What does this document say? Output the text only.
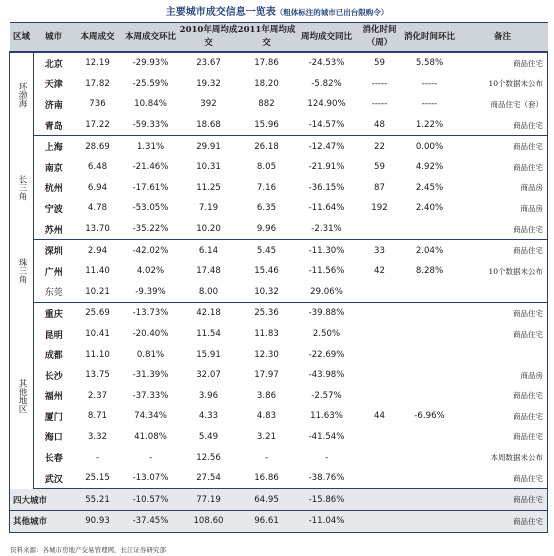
主要城市成交信息一览表（粗体标注的城市已出台限购令）
区域	城市	本周成交	本周成交环比	2010年周均成交	2011年周均成交	周均成交同比	消化时间（周）	消化时间环比	备注
环渤海	北京	12.19	-29.93%	23.67	17.86	-24.53%	59	5.58%	商品住宅
	天津	17.82	-25.59%	19.32	18.20	-5.82%	-----	-----	10个数据未公布
	济南	736	10.84%	392	882	124.90%	-----	-----	商品住宅（套）
	青岛	17.22	-59.33%	18.68	15.96	-14.57%	48	1.22%	商品住宅
长三角	上海	28.69	1.31%	29.91	26.18	-12.47%	22	0.00%	商品住宅
	南京	6.48	-21.46%	10.31	8.05	-21.91%	59	4.92%	商品住宅
	杭州	6.94	-17.61%	11.25	7.16	-36.15%	87	2.45%	商品房
	宁波	4.78	-53.05%	7.19	6.35	-11.64%	192	2.40%	商品房
	苏州	13.70	-35.22%	10.20	9.96	-2.31%			商品住宅
珠三角	深圳	2.94	-42.02%	6.14	5.45	-11.30%	33	2.04%	商品住宅
	广州	11.40	4.02%	17.48	15.46	-11.56%	42	8.28%	10个数据未公布
	东莞	10.21	-9.39%	8.00	10.32	29.06%			
其他地区	重庆	25.69	-13.73%	42.18	25.36	-39.88%			商品住宅
	昆明	10.41	-20.40%	11.54	11.83	2.50%			商品住宅
	成都	11.10	0.81%	15.91	12.30	-22.69%			
	长沙	13.75	-31.39%	32.07	17.97	-43.98%			商品房
	福州	2.37	-37.33%	3.96	3.86	-2.57%			商品住宅
	厦门	8.71	74.34%	4.33	4.83	11.63%	44	-6.96%	商品住宅
	海口	3.32	41.08%	5.49	3.21	-41.54%			商品住宅
	长春	-	-	12.56	-	-			本周数据未公布
	武汉	25.15	-13.07%	27.54	16.86	-38.76%			商品住宅
四大城市		55.21	-10.57%	77.19	64.95	-15.86%			商品住宅
其他城市		90.93	-37.45%	108.60	96.61	-11.04%			商品住宅
资料来源：各城市房地产交易管理网，长江证券研究部
